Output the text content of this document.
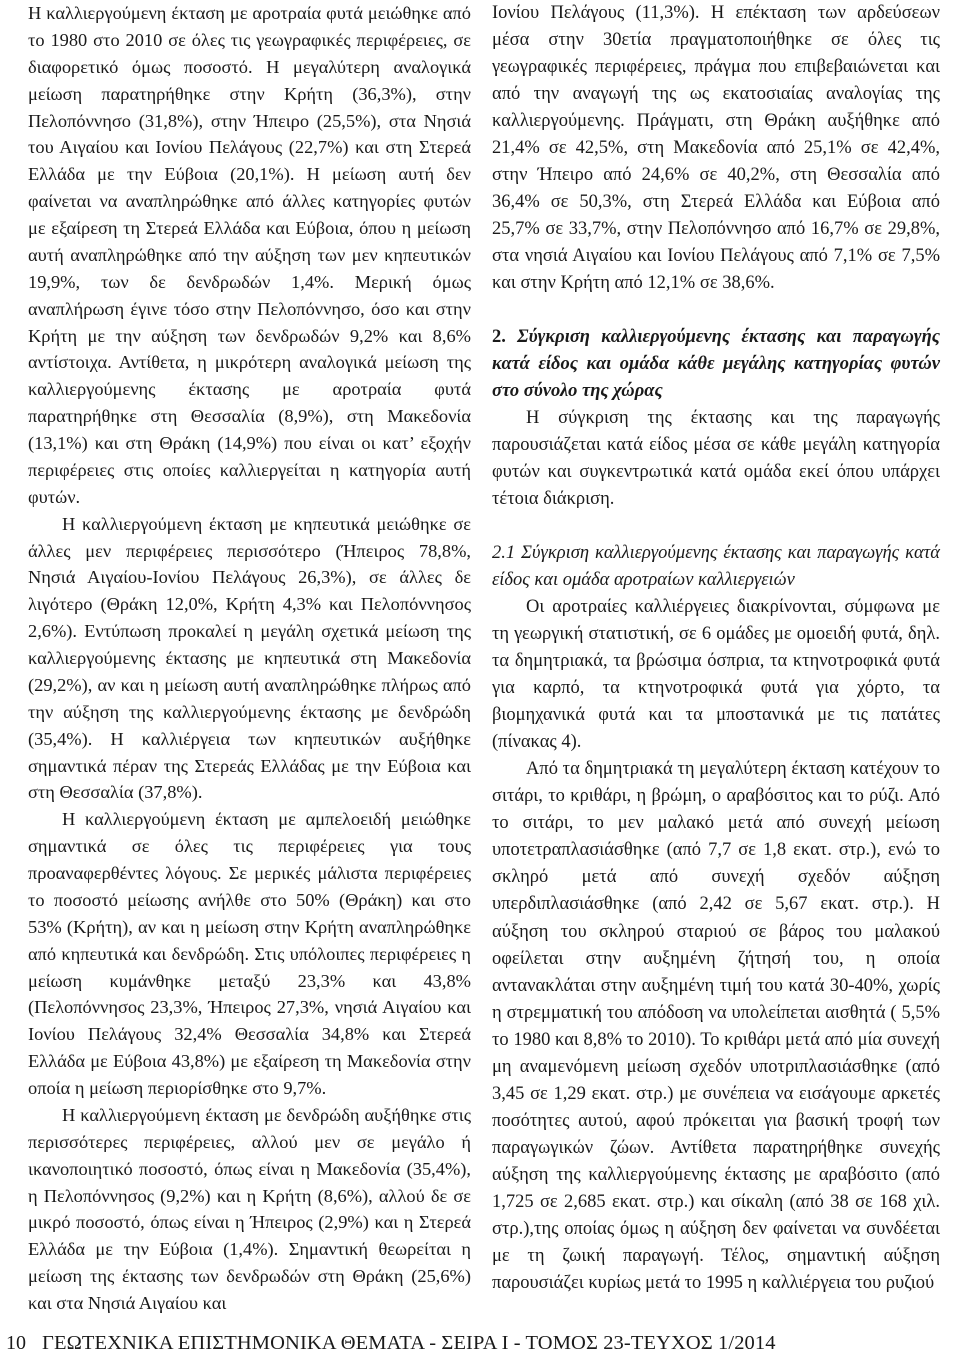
Η καλλιεργούμενη έκταση με αροτραία φυτά μειώθηκε από το 1980 στο 2010 σε όλες τις γεωγραφικές περιφέρειες, σε διαφορετικό όμως ποσοστό. Η μεγαλύτερη αναλογικά μείωση παρατηρήθηκε στην Κρήτη (36,3%), στην Πελοπόννησο (31,8%), στην Ήπειρο (25,5%), στα Νησιά του Αιγαίου και Ιονίου Πελάγους (22,7%) και στη Στερεά Ελλάδα με την Εύβοια (20,1%). Η μείωση αυτή δεν φαίνεται να αναπληρώθηκε από άλλες κατηγορίες φυτών με εξαίρεση τη Στερεά Ελλάδα και Εύβοια, όπου η μείωση αυτή αναπληρώθηκε από την αύξηση των μεν κηπευτικών 19,9%, των δε δενδρωδών 1,4%. Μερική όμως αναπλήρωση έγινε τόσο στην Πελοπόννησο, όσο και στην Κρήτη με την αύξηση των δενδρωδών 9,2% και 8,6% αντίστοιχα. Αντίθετα, η μικρότερη αναλογικά μείωση της καλλιεργούμενης έκτασης με αροτραία φυτά παρατηρήθηκε στη Θεσσαλία (8,9%), στη Μακεδονία (13,1%) και στη Θράκη (14,9%) που είναι οι κατ’ εξοχήν περιφέρειες στις οποίες καλλιεργείται η κατηγορία αυτή φυτών.

Η καλλιεργούμενη έκταση με κηπευτικά μειώθηκε σε άλλες μεν περιφέρειες περισσότερο (Ήπειρος 78,8%, Νησιά Αιγαίου-Ιονίου Πελάγους 26,3%), σε άλλες δε λιγότερο (Θράκη 12,0%, Κρήτη 4,3% και Πελοπόννησος 2,6%). Εντύπωση προκαλεί η μεγάλη σχετικά μείωση της καλλιεργούμενης έκτασης με κηπευτικά στη Μακεδονία (29,2%), αν και η μείωση αυτή αναπληρώθηκε πλήρως από την αύξηση της καλλιεργούμενης έκτασης με δενδρώδη (35,4%). Η καλλιέργεια των κηπευτικών αυξήθηκε σημαντικά πέραν της Στερεάς Ελλάδας με την Εύβοια και στη Θεσσαλία (37,8%).

Η καλλιεργούμενη έκταση με αμπελοειδή μειώθηκε σημαντικά σε όλες τις περιφέρειες για τους προαναφερθέντες λόγους. Σε μερικές μάλιστα περιφέρειες το ποσοστό μείωσης ανήλθε στο 50% (Θράκη) και στο 53% (Κρήτη), αν και η μείωση στην Κρήτη αναπληρώθηκε από κηπευτικά και δενδρώδη. Στις υπόλοιπες περιφέρειες η μείωση κυμάνθηκε μεταξύ 23,3% και 43,8% (Πελοπόννησος 23,3%, Ήπειρος 27,3%, νησιά Αιγαίου και Ιονίου Πελάγους 32,4% Θεσσαλία 34,8% και Στερεά Ελλάδα με Εύβοια 43,8%) με εξαίρεση τη Μακεδονία στην οποία η μείωση περιορίσθηκε στο 9,7%.

Η καλλιεργούμενη έκταση με δενδρώδη αυξήθηκε στις περισσότερες περιφέρειες, αλλού μεν σε μεγάλο ή ικανοποιητικό ποσοστό, όπως είναι η Μακεδονία (35,4%), η Πελοπόννησος (9,2%) και η Κρήτη (8,6%), αλλού δε σε μικρό ποσοστό, όπως είναι η Ήπειρος (2,9%) και η Στερεά Ελλάδα με την Εύβοια (1,4%). Σημαντική θεωρείται η μείωση της έκτασης των δενδρωδών στη Θράκη (25,6%) και στα Νησιά Αιγαίου και

Ιονίου Πελάγους (11,3%). Η επέκταση των αρδεύσεων μέσα στην 30ετία πραγματοποιήθηκε σε όλες τις γεωγραφικές περιφέρειες, πράγμα που επιβεβαιώνεται και από την αναγωγή της ως εκατοσιαίας αναλογίας της καλλιεργούμενης. Πράγματι, στη Θράκη αυξήθηκε από 21,4% σε 42,5%, στη Μακεδονία από 25,1% σε 42,4%, στην Ήπειρο από 24,6% σε 40,2%, στη Θεσσαλία από 36,4% σε 50,3%, στη Στερεά Ελλάδα και Εύβοια από 25,7% σε 33,7%, στην Πελοπόννησο από 16,7% σε 29,8%, στα νησιά Αιγαίου και Ιονίου Πελάγους από 7,1% σε 7,5% και στην Κρήτη από 12,1% σε 38,6%.

2. Σύγκριση καλλιεργούμενης έκτασης και παραγωγής κατά είδος και ομάδα κάθε μεγάλης κατηγορίας φυτών στο σύνολο της χώρας

Η σύγκριση της έκτασης και της παραγωγής παρουσιάζεται κατά είδος μέσα σε κάθε μεγάλη κατηγορία φυτών και συγκεντρωτικά κατά ομάδα εκεί όπου υπάρχει τέτοια διάκριση.

2.1 Σύγκριση καλλιεργούμενης έκτασης και παραγωγής κατά είδος και ομάδα αροτραίων καλλιεργειών

Οι αροτραίες καλλιέργειες διακρίνονται, σύμφωνα με τη γεωργική στατιστική, σε 6 ομάδες με ομοειδή φυτά, δηλ. τα δημητριακά, τα βρώσιμα όσπρια, τα κτηνοτροφικά φυτά για καρπό, τα κτηνοτροφικά φυτά για χόρτο, τα βιομηχανικά φυτά και τα μποστανικά με τις πατάτες (πίνακας 4).

Από τα δημητριακά τη μεγαλύτερη έκταση κατέχουν το σιτάρι, το κριθάρι, η βρώμη, ο αραβόσιτος και το ρύζι. Από το σιτάρι, το μεν μαλακό μετά από συνεχή μείωση υποτετραπλασιάσθηκε (από 7,7 σε 1,8 εκατ. στρ.), ενώ το σκληρό μετά από συνεχή σχεδόν αύξηση υπερδιπλασιάσθηκε (από 2,42 σε 5,67 εκατ. στρ.). Η αύξηση του σκληρού σταριού σε βάρος του μαλακού οφείλεται στην αυξημένη ζήτησή του, η οποία αντανακλάται στην αυξημένη τιμή του κατά 30-40%, χωρίς η στρεμματική του απόδοση να υπολείπεται αισθητά ( 5,5% το 1980 και 8,8% το 2010). Το κριθάρι μετά από μία συνεχή μη αναμενόμενη μείωση σχεδόν υποτριπλασιάσθηκε (από 3,45 σε 1,29 εκατ. στρ.) με συνέπεια να εισάγουμε αρκετές ποσότητες αυτού, αφού πρόκειται για βασική τροφή των παραγωγικών ζώων. Αντίθετα παρατηρήθηκε συνεχής αύξηση της καλλιεργούμενης έκτασης με αραβόσιτο (από 1,725 σε 2,685 εκατ. στρ.) και σίκαλη (από 38 σε 168 χιλ. στρ.),της οποίας όμως η αύξηση δεν φαίνεται να συνδέεται με τη ζωική παραγωγή. Τέλος, σημαντική αύξηση παρουσιάζει κυρίως μετά το 1995 η καλλιέργεια του ρυζιού

10 ΓΕΩΤΕΧΝΙΚΑ ΕΠΙΣΤΗΜΟΝΙΚΑ ΘΕΜΑΤΑ - ΣΕΙΡΑ Ι - ΤΟΜΟΣ 23-ΤΕΥΧΟΣ 1/2014
